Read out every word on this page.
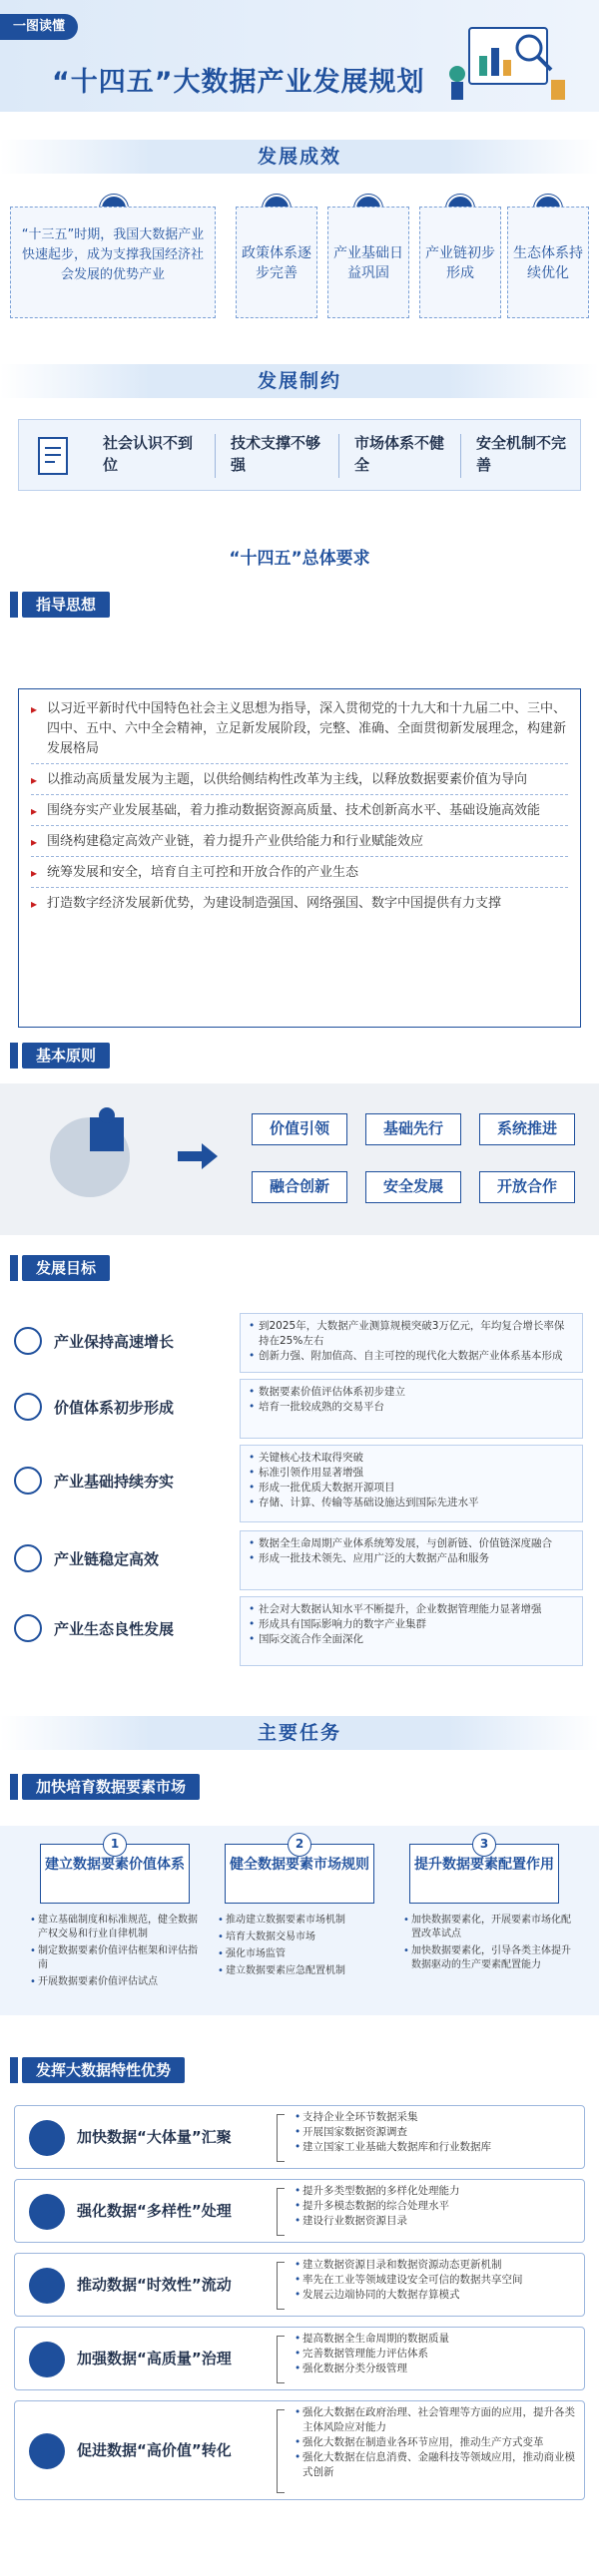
一图读懂
“十四五”大数据产业发展规划
发展成效
“十三五”时期，我国大数据产业快速起步，成为支撑我国经济社会发展的优势产业
政策体系逐步完善
产业基础日益巩固
产业链初步形成
生态体系持续优化
发展制约
社会认识不到位
技术支撑不够强
市场体系不健全
安全机制不完善
“十四五”总体要求
指导思想
▸ 以习近平新时代中国特色社会主义思想为指导，深入贯彻党的十九大和十九届二中、三中、四中、五中、六中全会精神，立足新发展阶段，完整、准确、全面贯彻新发展理念，构建新发展格局
▸ 以推动高质量发展为主题，以供给侧结构性改革为主线，以释放数据要素价值为导向
▸ 围绕夯实产业发展基础，着力推动数据资源高质量、技术创新高水平、基础设施高效能
▸ 围绕构建稳定高效产业链，着力提升产业供给能力和行业赋能效应
▸ 统筹发展和安全，培育自主可控和开放合作的产业生态
▸ 打造数字经济发展新优势，为建设制造强国、网络强国、数字中国提供有力支撑
基本原则
价值引领	基础先行	系统推进
融合创新	安全发展	开放合作
发展目标
产业保持高速增长

• 到2025年，大数据产业测算规模突破3万亿元，年均复合增长率保持在25%左右

• 创新力强、附加值高、自主可控的现代化大数据产业体系基本形成

价值体系初步形成

• 数据要素价值评估体系初步建立

• 培育一批较成熟的交易平台

产业基础持续夯实

• 关键核心技术取得突破

• 标准引领作用显著增强

• 形成一批优质大数据开源项目

• 存储、计算、传输等基础设施达到国际先进水平

产业链稳定高效

• 数据全生命周期产业体系统筹发展，与创新链、价值链深度融合

• 形成一批技术领先、应用广泛的大数据产品和服务

产业生态良性发展

• 社会对大数据认知水平不断提升，企业数据管理能力显著增强

• 形成具有国际影响力的数字产业集群

• 国际交流合作全面深化

主要任务
加快培育数据要素市场
1
建立数据要素价值体系

• 建立基础制度和标准规范，健全数据产权交易和行业自律机制

• 制定数据要素价值评估框架和评估指南

• 开展数据要素价值评估试点

2
健全数据要素市场规则

• 推动建立数据要素市场机制

• 培育大数据交易市场

• 强化市场监管

• 建立数据要素应急配置机制

3
提升数据要素配置作用

• 加快数据要素化，开展要素市场化配置改革试点

• 加快数据要素化，引导各类主体提升数据驱动的生产要素配置能力

发挥大数据特性优势
加快数据“大体量”汇聚

• 支持企业全环节数据采集

• 开展国家数据资源调查

• 建立国家工业基础大数据库和行业数据库

强化数据“多样性”处理

• 提升多类型数据的多样化处理能力

• 提升多模态数据的综合处理水平

• 建设行业数据资源目录

推动数据“时效性”流动

• 建立数据资源目录和数据资源动态更新机制

• 率先在工业等领域建设安全可信的数据共享空间

• 发展云边端协同的大数据存算模式

加强数据“高质量”治理

• 提高数据全生命周期的数据质量

• 完善数据管理能力评估体系

• 强化数据分类分级管理

促进数据“高价值”转化

• 强化大数据在政府治理、社会管理等方面的应用，提升各类主体风险应对能力

• 强化大数据在制造业各环节应用，推动生产方式变革

• 强化大数据在信息消费、金融科技等领域应用，推动商业模式创新
